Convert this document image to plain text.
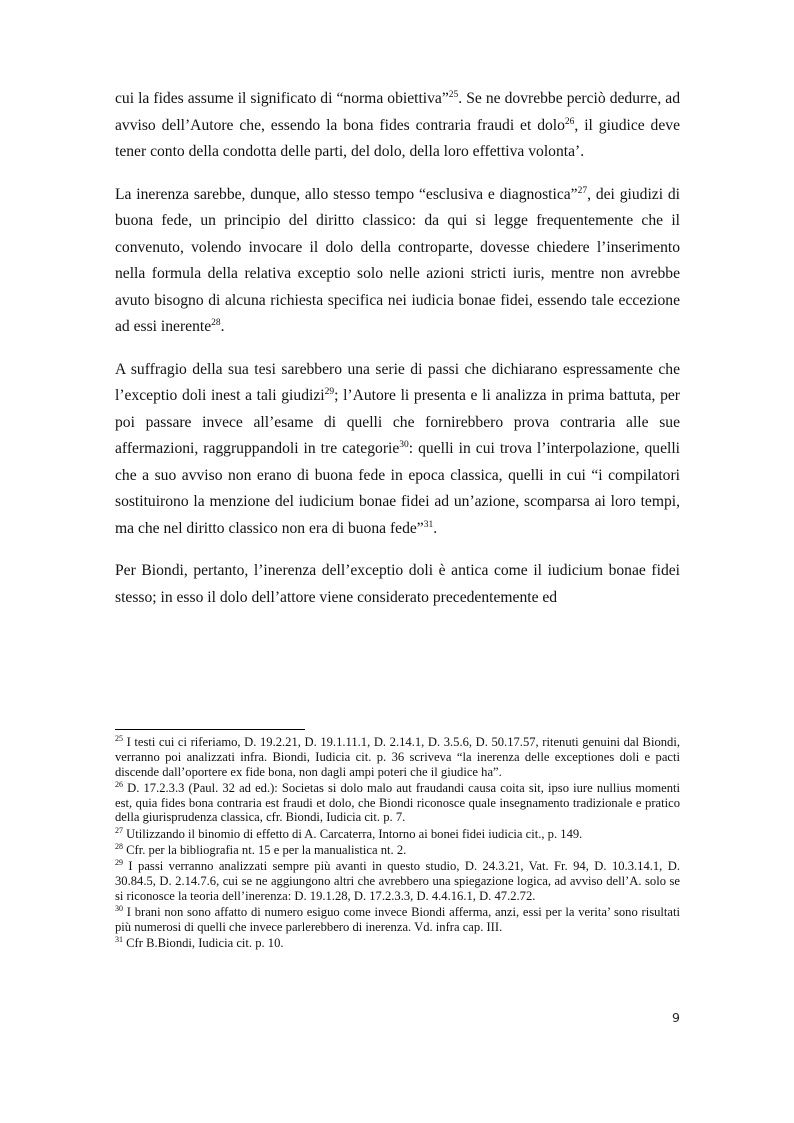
cui la fides assume il significato di “norma obiettiva”$^{25}$. Se ne dovrebbe perciò dedurre, ad avviso dell’Autore che, essendo la bona fides contraria fraudi et dolo$^{26}$, il giudice deve tener conto della condotta delle parti, del dolo, della loro effettiva volonta’.

La inerenza sarebbe, dunque, allo stesso tempo “esclusiva e diagnostica”$^{27}$, dei giudizi di buona fede, un principio del diritto classico: da qui si legge frequentemente che il convenuto, volendo invocare il dolo della controparte, dovesse chiedere l’inserimento nella formula della relativa exceptio solo nelle azioni stricti iuris, mentre non avrebbe avuto bisogno di alcuna richiesta specifica nei iudicia bonae fidei, essendo tale eccezione ad essi inerente$^{28}$.

A suffragio della sua tesi sarebbero una serie di passi che dichiarano espressamente che l’exceptio doli inest a tali giudizi$^{29}$; l’Autore li presenta e li analizza in prima battuta, per poi passare invece all’esame di quelli che fornirebbero prova contraria alle sue affermazioni, raggruppandoli in tre categorie$^{30}$: quelli in cui trova l’interpolazione, quelli che a suo avviso non erano di buona fede in epoca classica, quelli in cui “i compilatori sostituirono la menzione del iudicium bonae fidei ad un’azione, scomparsa ai loro tempi, ma che nel diritto classico non era di buona fede”$^{31}$.

Per Biondi, pertanto, l’inerenza dell’exceptio doli è antica come il iudicium bonae fidei stesso; in esso il dolo dell’attore viene considerato precedentemente ed

$^{25}$ I testi cui ci riferiamo, D. 19.2.21, D. 19.1.11.1, D. 2.14.1, D. 3.5.6, D. 50.17.57, ritenuti genuini dal Biondi, verranno poi analizzati infra. Biondi, Iudicia cit. p. 36 scriveva “la inerenza delle exceptiones doli e pacti discende dall’oportere ex fide bona, non dagli ampi poteri che il giudice ha”.

$^{26}$ D. 17.2.3.3 (Paul. 32 ad ed.): Societas si dolo malo aut fraudandi causa coita sit, ipso iure nullius momenti est, quia fides bona contraria est fraudi et dolo, che Biondi riconosce quale insegnamento tradizionale e pratico della giurisprudenza classica, cfr. Biondi, Iudicia cit. p. 7.

$^{27}$ Utilizzando il binomio di effetto di A. Carcaterra, Intorno ai bonei fidei iudicia cit., p. 149.

$^{28}$ Cfr. per la bibliografia nt. 15 e per la manualistica nt. 2.

$^{29}$ I passi verranno analizzati sempre più avanti in questo studio, D. 24.3.21, Vat. Fr. 94, D. 10.3.14.1, D. 30.84.5, D. 2.14.7.6, cui se ne aggiungono altri che avrebbero una spiegazione logica, ad avviso dell’A. solo se si riconosce la teoria dell’inerenza: D. 19.1.28, D. 17.2.3.3, D. 4.4.16.1, D. 47.2.72.

$^{30}$ I brani non sono affatto di numero esiguo come invece Biondi afferma, anzi, essi per la verita’ sono risultati più numerosi di quelli che invece parlerebbero di inerenza. Vd. infra cap. III.

$^{31}$ Cfr B.Biondi, Iudicia cit. p. 10.

9
